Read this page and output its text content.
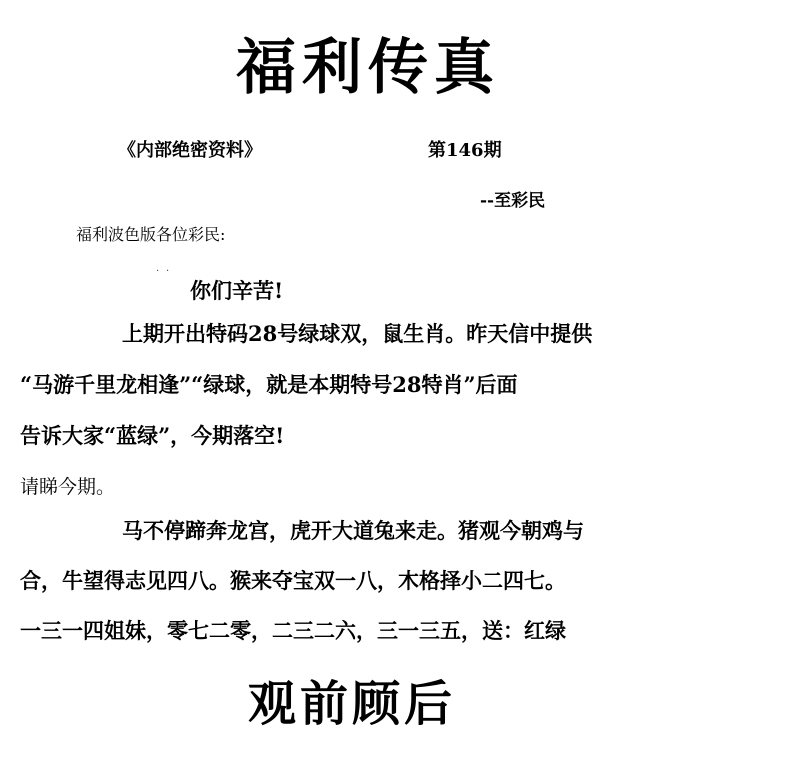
福利传真
《内部绝密资料》	第146期
--至彩民
福利波色版各位彩民:
· ·
你们辛苦!
上期开出特码28号绿球双，鼠生肖。昨天信中提供
“马游千里龙相逢”“绿球，就是本期特号28特肖”后面
告诉大家“蓝绿”，今期落空!
请睇今期。
马不停蹄奔龙宫，虎开大道兔来走。猪观今朝鸡与
合，牛望得志见四八。猴来夺宝双一八，木格择小二四七。
一三一四姐妹，零七二零，二三二六，三一三五，送：红绿
观前顾后
